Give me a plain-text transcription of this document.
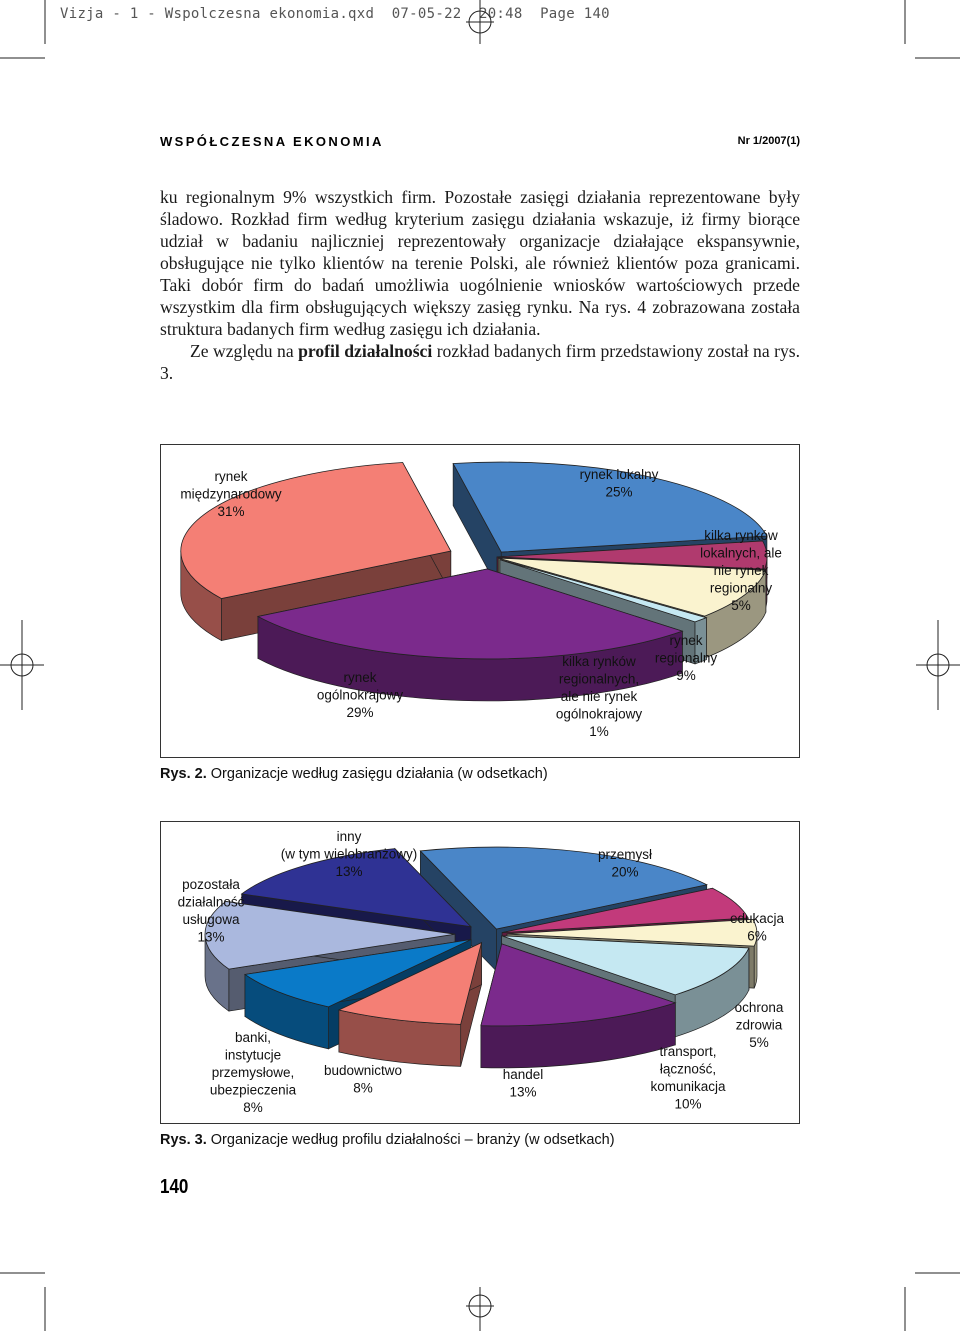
Vizja - 1 - Wspolczesna ekonomia.qxd  07-05-22  20:48  Page 140
WSPÓŁCZESNA EKONOMIA	Nr 1/2007(1)

ku regionalnym 9% wszystkich firm. Pozostałe zasięgi działania reprezentowane były śladowo. Rozkład firm według kryterium zasięgu działania wskazuje, iż firmy biorące udział w badaniu najliczniej reprezentowały organizacje działające ekspansywnie, obsługujące nie tylko klientów na terenie Polski, ale również klientów poza granicami. Taki dobór firm do badań umożliwia uogólnienie wniosków wartościowych przede wszystkim dla firm obsługujących większy zasięg rynku. Na rys. 4 zobrazowana została struktura badanych firm według zasięgu ich działania.

Ze względu na profil działalności rozkład badanych firm przedstawiony został na rys. 3.

rynek lokalny 25%
kilka rynków lokalnych, ale nie rynek regionalny 5%
rynek regionalny 9%
kilka rynków regionalnych, ale nie rynek ogólnokrajowy 1%
rynek ogólnokrajowy 29%
rynek międzynarodowy 31%
Rys. 2. Organizacje według zasięgu działania (w odsetkach)
przemysł 20%
edukacja 6%
ochrona zdrowia 5%
transport, łączność, komunikacja 10%
handel 13%
budownictwo 8%
banki, instytucje przemysłowe, ubezpieczenia 8%
pozostała działalność usługowa 13%
inny (w tym wielobranżowy) 13%
Rys. 3. Organizacje według profilu działalności – branży (w odsetkach)
140
